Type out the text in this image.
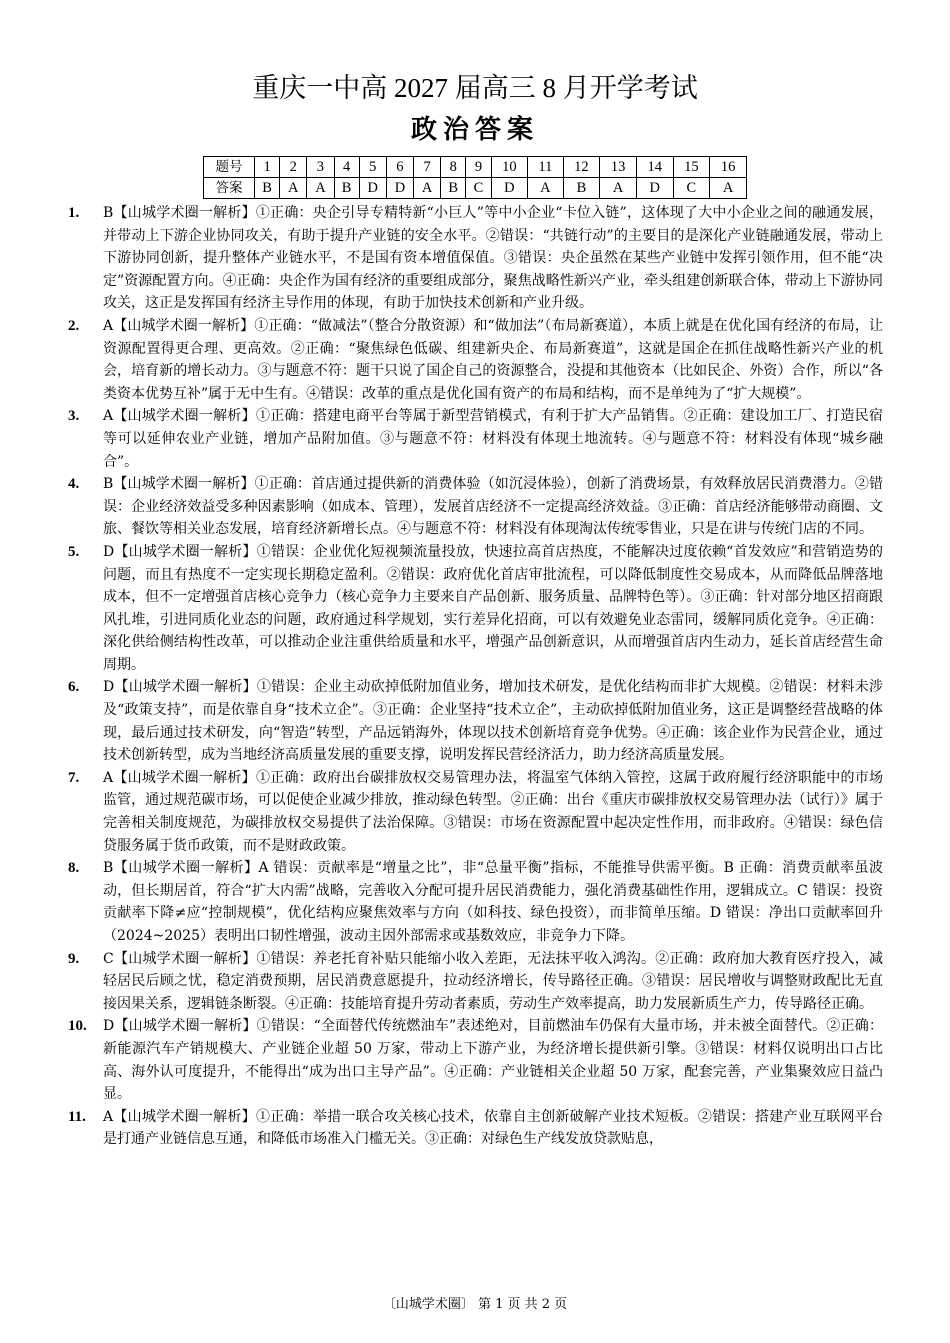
重庆一中高 2027 届高三 8 月开学考试
政治答案
题号	1	2	3	4	5	6	7	8	9	10	11	12	13	14	15	16
答案	B	A	A	B	D	D	A	B	C	D	A	B	A	D	C	A
1. B【山城学术圈一解析】①正确：央企引导专精特新“小巨人”等中小企业“卡位入链”，这体现了大中小企业之间的融通发展，并带动上下游企业协同攻关，有助于提升产业链的安全水平。②错误：“共链行动”的主要目的是深化产业链融通发展，带动上下游协同创新，提升整体产业链水平，不是国有资本增值保值。③错误：央企虽然在某些产业链中发挥引领作用，但不能“决定”资源配置方向。④正确：央企作为国有经济的重要组成部分，聚焦战略性新兴产业，牵头组建创新联合体，带动上下游协同攻关，这正是发挥国有经济主导作用的体现，有助于加快技术创新和产业升级。
2. A【山城学术圈一解析】①正确：“做减法”（整合分散资源）和“做加法”（布局新赛道），本质上就是在优化国有经济的布局，让资源配置得更合理、更高效。②正确：“聚焦绿色低碳、组建新央企、布局新赛道”，这就是国企在抓住战略性新兴产业的机会，培育新的增长动力。③与题意不符：题干只说了国企自己的资源整合，没提和其他资本（比如民企、外资）合作，所以“各类资本优势互补”属于无中生有。④错误：改革的重点是优化国有资产的布局和结构，而不是单纯为了“扩大规模”。
3. A【山城学术圈一解析】①正确：搭建电商平台等属于新型营销模式，有利于扩大产品销售。②正确：建设加工厂、打造民宿等可以延伸农业产业链，增加产品附加值。③与题意不符：材料没有体现土地流转。④与题意不符：材料没有体现“城乡融合”。
4. B【山城学术圈一解析】①正确：首店通过提供新的消费体验（如沉浸体验），创新了消费场景，有效释放居民消费潜力。②错误：企业经济效益受多种因素影响（如成本、管理），发展首店经济不一定提高经济效益。③正确：首店经济能够带动商圈、文旅、餐饮等相关业态发展，培育经济新增长点。④与题意不符：材料没有体现淘汰传统零售业，只是在讲与传统门店的不同。
5. D【山城学术圈一解析】①错误：企业优化短视频流量投放，快速拉高首店热度，不能解决过度依赖“首发效应”和营销造势的问题，而且有热度不一定实现长期稳定盈利。②错误：政府优化首店审批流程，可以降低制度性交易成本，从而降低品牌落地成本，但不一定增强首店核心竞争力（核心竞争力主要来自产品创新、服务质量、品牌特色等）。③正确：针对部分地区招商跟风扎堆，引进同质化业态的问题，政府通过科学规划，实行差异化招商，可以有效避免业态雷同，缓解同质化竞争。④正确：深化供给侧结构性改革，可以推动企业注重供给质量和水平，增强产品创新意识，从而增强首店内生动力，延长首店经营生命周期。
6. D【山城学术圈一解析】①错误：企业主动砍掉低附加值业务，增加技术研发，是优化结构而非扩大规模。②错误：材料未涉及“政策支持”，而是依靠自身“技术立企”。③正确：企业坚持“技术立企”，主动砍掉低附加值业务，这正是调整经营战略的体现，最后通过技术研发，向“智造”转型，产品远销海外，体现以技术创新培育竞争优势。④正确：该企业作为民营企业，通过技术创新转型，成为当地经济高质量发展的重要支撑，说明发挥民营经济活力，助力经济高质量发展。
7. A【山城学术圈一解析】①正确：政府出台碳排放权交易管理办法，将温室气体纳入管控，这属于政府履行经济职能中的市场监管，通过规范碳市场，可以促使企业减少排放，推动绿色转型。②正确：出台《重庆市碳排放权交易管理办法（试行）》属于完善相关制度规范，为碳排放权交易提供了法治保障。③错误：市场在资源配置中起决定性作用，而非政府。④错误：绿色信贷服务属于货币政策，而不是财政政策。
8. B【山城学术圈一解析】A 错误：贡献率是“增量之比”，非“总量平衡”指标，不能推导供需平衡。B 正确：消费贡献率虽波动，但长期居首，符合“扩大内需”战略，完善收入分配可提升居民消费能力，强化消费基础性作用，逻辑成立。C 错误：投资贡献率下降≠应“控制规模”，优化结构应聚焦效率与方向（如科技、绿色投资），而非简单压缩。D 错误：净出口贡献率回升（2024~2025）表明出口韧性增强，波动主因外部需求或基数效应，非竞争力下降。
9. C【山城学术圈一解析】①错误：养老托育补贴只能缩小收入差距，无法抹平收入鸿沟。②正确：政府加大教育医疗投入，减轻居民后顾之忧，稳定消费预期，居民消费意愿提升，拉动经济增长，传导路径正确。③错误：居民增收与调整财政配比无直接因果关系，逻辑链条断裂。④正确：技能培育提升劳动者素质，劳动生产效率提高，助力发展新质生产力，传导路径正确。
10. D【山城学术圈一解析】①错误：“全面替代传统燃油车”表述绝对，目前燃油车仍保有大量市场，并未被全面替代。②正确：新能源汽车产销规模大、产业链企业超 50 万家，带动上下游产业，为经济增长提供新引擎。③错误：材料仅说明出口占比高、海外认可度提升，不能得出“成为出口主导产品”。④正确：产业链相关企业超 50 万家，配套完善，产业集聚效应日益凸显。
11. A【山城学术圈一解析】①正确：举措一联合攻关核心技术，依靠自主创新破解产业技术短板。②错误：搭建产业互联网平台是打通产业链信息互通，和降低市场准入门槛无关。③正确：对绿色生产线发放贷款贴息，
〔山城学术圈〕 第 1 页 共 2 页
